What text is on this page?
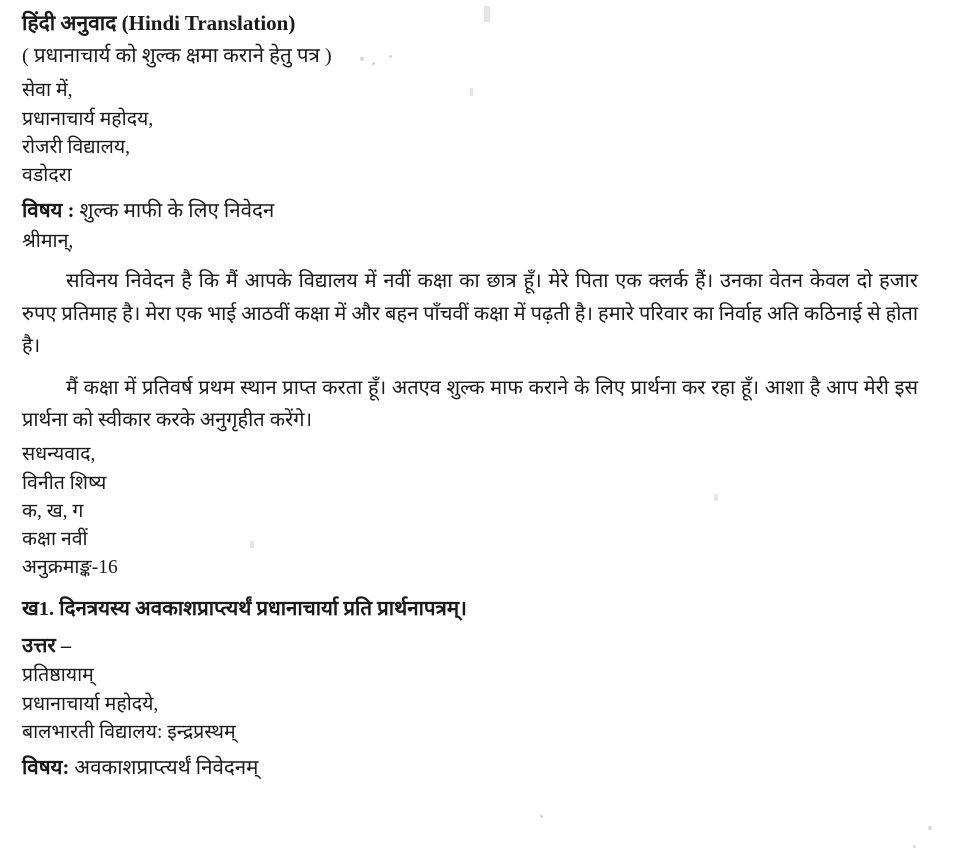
हिंदी अनुवाद (Hindi Translation)
( प्रधानाचार्य को शुल्क क्षमा कराने हेतु पत्र )
सेवा में,
प्रधानाचार्य महोदय,
रोजरी विद्यालय,
वडोदरा
विषय : शुल्क माफी के लिए निवेदन
श्रीमान्,
सविनय निवेदन है कि मैं आपके विद्यालय में नवीं कक्षा का छात्र हूँ। मेरे पिता एक क्लर्क हैं। उनका वेतन केवल दो हजार रुपए प्रतिमाह है। मेरा एक भाई आठवीं कक्षा में और बहन पाँचवीं कक्षा में पढ़ती है। हमारे परिवार का निर्वाह अति कठिनाई से होता है।
मैं कक्षा में प्रतिवर्ष प्रथम स्थान प्राप्त करता हूँ। अतएव शुल्क माफ कराने के लिए प्रार्थना कर रहा हूँ। आशा है आप मेरी इस प्रार्थना को स्वीकार करके अनुगृहीत करेंगे।
सधन्यवाद,
विनीत शिष्य
क, ख, ग
कक्षा नवीं
अनुक्रमाङ्क-16
ख1. दिनत्रयस्य अवकाशप्राप्त्यर्थं प्रधानाचार्या प्रति प्रार्थनापत्रम्।
उत्तर –
प्रतिष्ठायाम्
प्रधानाचार्या महोदये,
बालभारती विद्यालय: इन्द्रप्रस्थम्
विषय: अवकाशप्राप्त्यर्थं निवेदनम्
